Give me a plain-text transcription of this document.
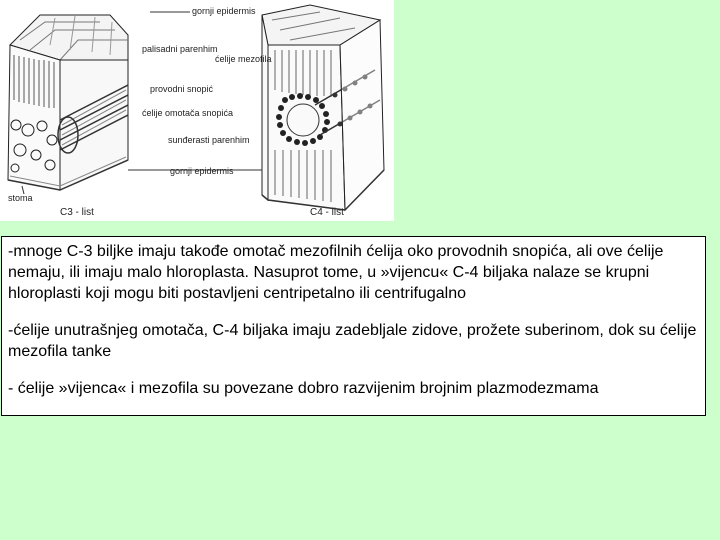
gornji epidermis
palisadni parenhim
ćelije mezofila
provodni snopić
ćelije omotača snopića
sunđerasti parenhim
gornji epidermis
stoma
C3 - list	C4 - list

-mnoge C-3 biljke imaju takođe omotač mezofilnih ćelija oko provodnih snopića, ali ove ćelije nemaju, ili imaju malo hloroplasta. Nasuprot tome, u »vijencu« C-4 biljaka nalaze se krupni hloroplasti koji mogu biti postavljeni centripetalno ili centrifugalno

-ćelije unutrašnjeg omotača, C-4 biljaka imaju zadebljale zidove, prožete suberinom, dok su ćelije mezofila tanke

- ćelije »vijenca« i mezofila su povezane dobro razvijenim brojnim plazmodezmama
